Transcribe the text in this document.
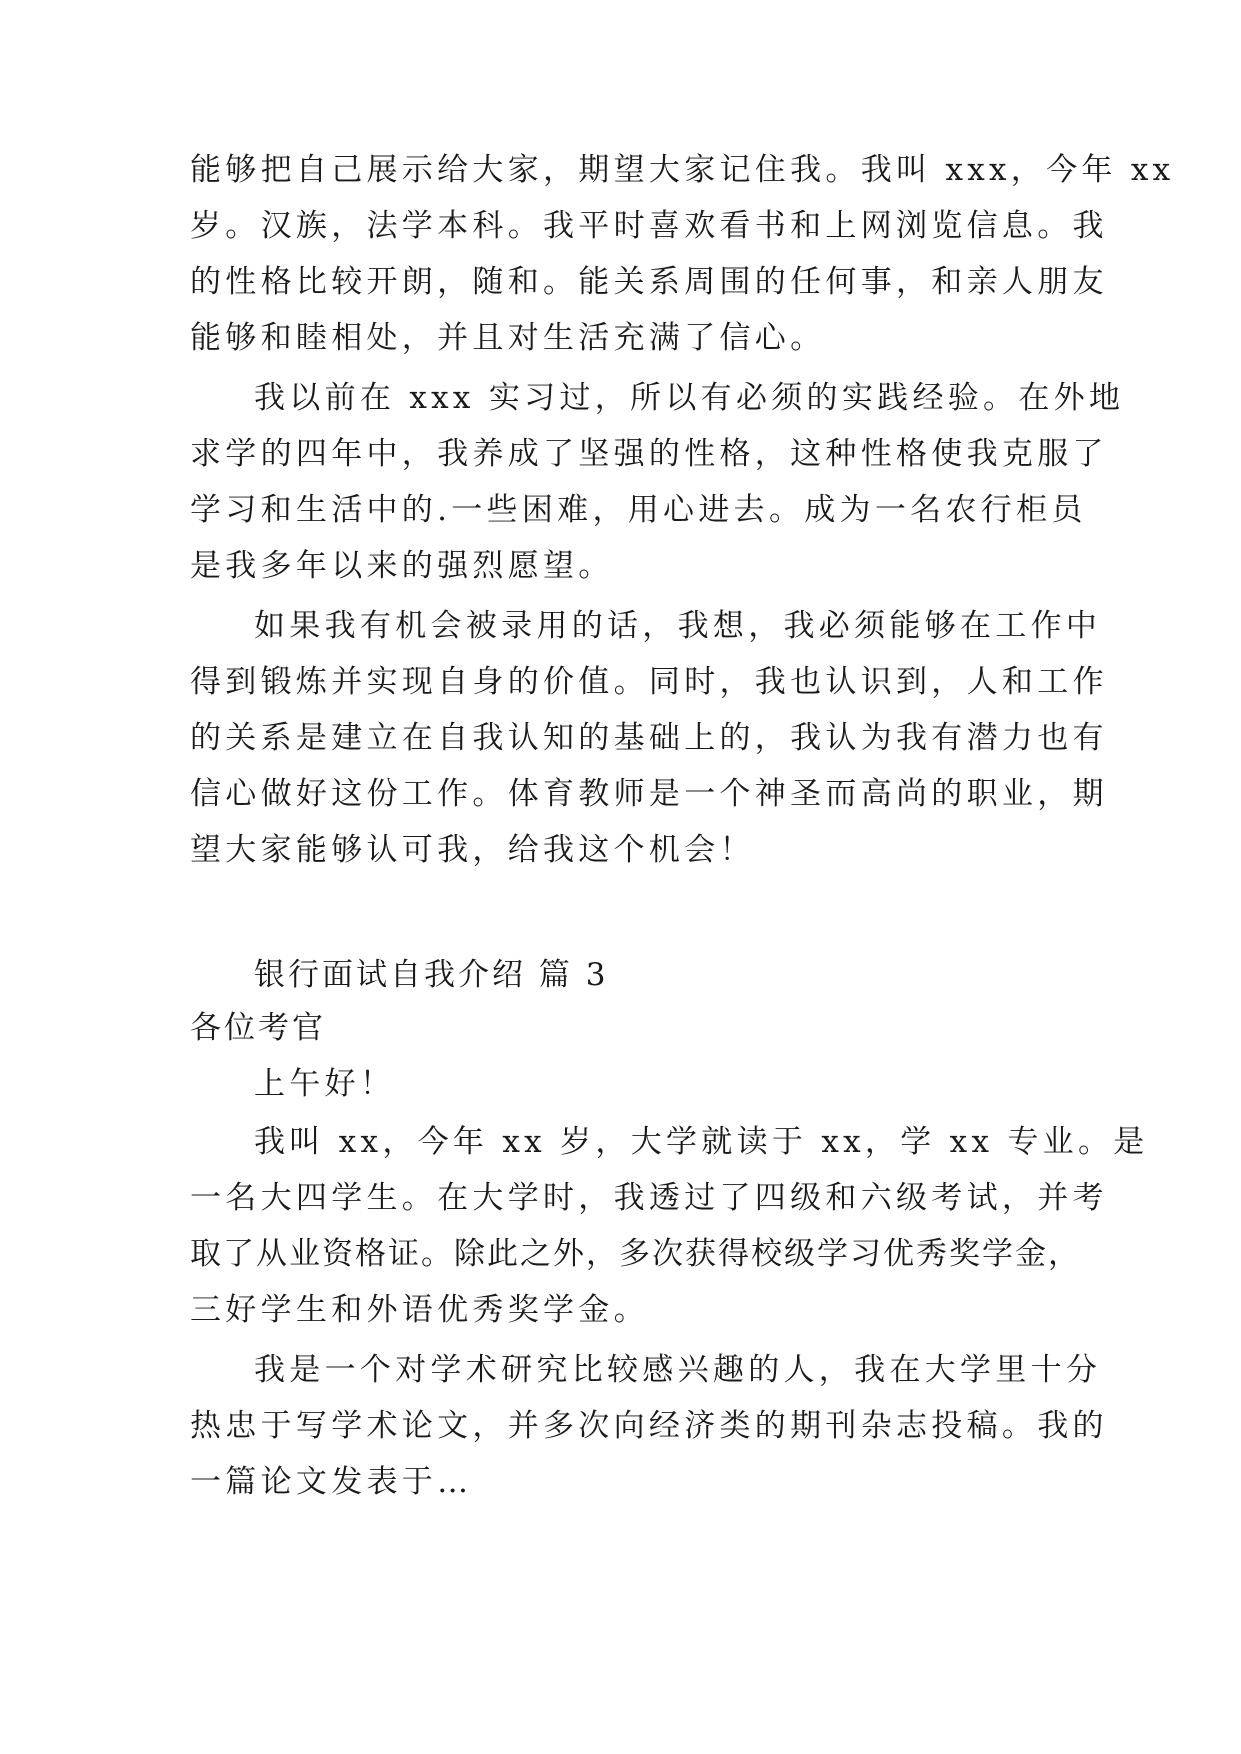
能够把自己展示给大家，期望大家记住我。我叫 xxx，今年 xx
岁。汉族，法学本科。我平时喜欢看书和上网浏览信息。我
的性格比较开朗，随和。能关系周围的任何事，和亲人朋友
能够和睦相处，并且对生活充满了信心。
我以前在 xxx 实习过，所以有必须的实践经验。在外地
求学的四年中，我养成了坚强的性格，这种性格使我克服了
学习和生活中的.一些困难，用心进去。成为一名农行柜员
是我多年以来的强烈愿望。
如果我有机会被录用的话，我想，我必须能够在工作中
得到锻炼并实现自身的价值。同时，我也认识到，人和工作
的关系是建立在自我认知的基础上的，我认为我有潜力也有
信心做好这份工作。体育教师是一个神圣而高尚的职业，期
望大家能够认可我，给我这个机会！
银行面试自我介绍 篇 3
各位考官
上午好！
我叫 xx，今年 xx 岁，大学就读于 xx，学 xx 专业。是
一名大四学生。在大学时，我透过了四级和六级考试，并考
取了从业资格证。除此之外，多次获得校级学习优秀奖学金，
三好学生和外语优秀奖学金。
我是一个对学术研究比较感兴趣的人，我在大学里十分
热忠于写学术论文，并多次向经济类的期刊杂志投稿。我的
一篇论文发表于…
